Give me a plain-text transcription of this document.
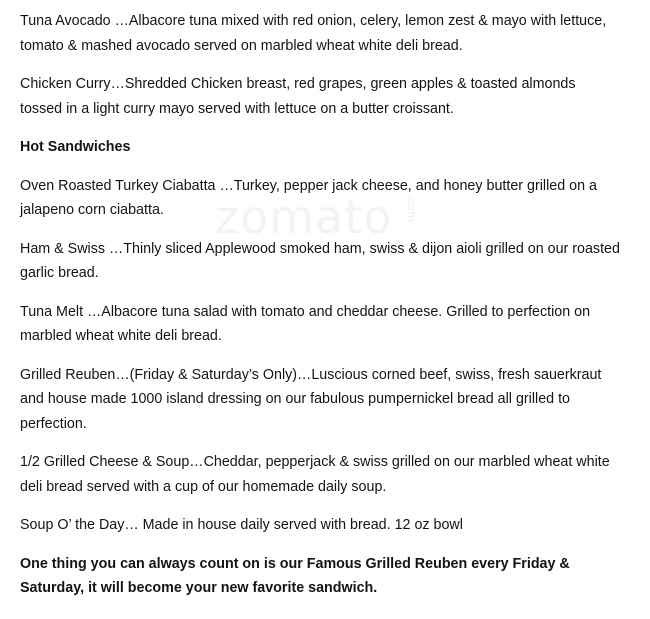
zomato .com

Tuna Avocado …Albacore tuna mixed with red onion, celery, lemon zest & mayo with lettuce, tomato & mashed avocado served on marbled wheat white deli bread.

Chicken Curry…Shredded Chicken breast, red grapes, green apples & toasted almonds tossed in a light curry mayo served with lettuce on a butter croissant.

Hot Sandwiches

Oven Roasted Turkey Ciabatta …Turkey, pepper jack cheese, and honey butter grilled on a jalapeno corn ciabatta.

Ham & Swiss …Thinly sliced Applewood smoked ham, swiss & dijon aioli grilled on our roasted garlic bread.

Tuna Melt …Albacore tuna salad with tomato and cheddar cheese. Grilled to perfection on marbled wheat white deli bread.

Grilled Reuben…(Friday & Saturday’s Only)…Luscious corned beef, swiss, fresh sauerkraut and house made 1000 island dressing on our fabulous pumpernickel bread all grilled to perfection.

1/2 Grilled Cheese & Soup…Cheddar, pepperjack & swiss grilled on our marbled wheat white deli bread served with a cup of our homemade daily soup.

Soup O’ the Day… Made in house daily served with bread. 12 oz bowl

One thing you can always count on is our Famous Grilled Reuben every Friday & Saturday, it will become your new favorite sandwich.
